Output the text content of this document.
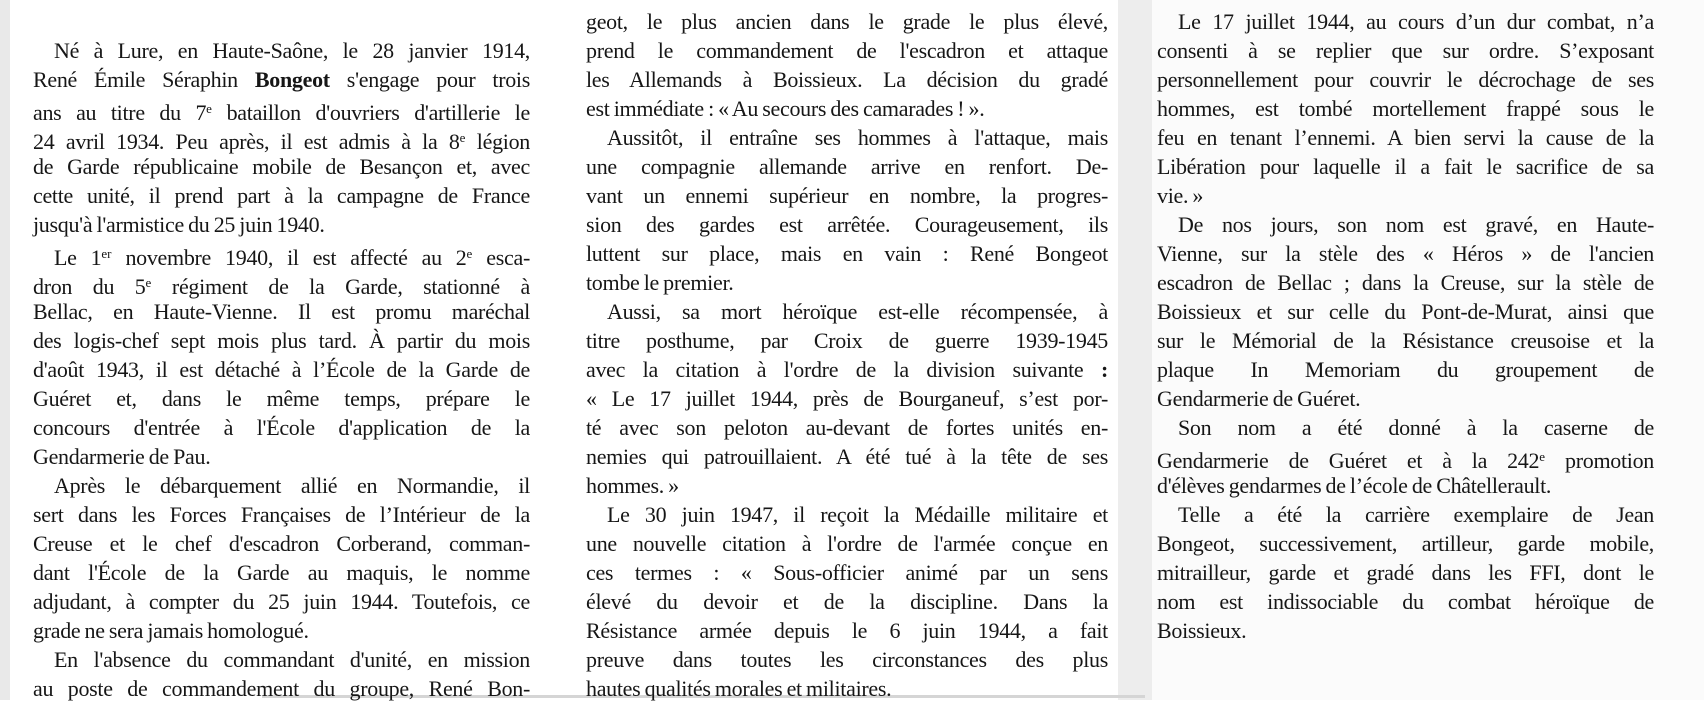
Né à Lure, en Haute-Saône, le 28 janvier 1914,
René Émile Séraphin Bongeot s'engage pour trois
ans au titre du 7e bataillon d'ouvriers d'artillerie le
24 avril 1934. Peu après, il est admis à la 8e légion
de Garde républicaine mobile de Besançon et, avec
cette unité, il prend part à la campagne de France
jusqu'à l'armistice du 25 juin 1940.
Le 1er novembre 1940, il est affecté au 2e esca-
dron du 5e régiment de la Garde, stationné à
Bellac, en Haute-Vienne. Il est promu maréchal
des logis-chef sept mois plus tard. À partir du mois
d'août 1943, il est détaché à l’École de la Garde de
Guéret et, dans le même temps, prépare le
concours d'entrée à l'École d'application de la
Gendarmerie de Pau.
Après le débarquement allié en Normandie, il
sert dans les Forces Françaises de l’Intérieur de la
Creuse et le chef d'escadron Corberand, comman-
dant l'École de la Garde au maquis, le nomme
adjudant, à compter du 25 juin 1944. Toutefois, ce
grade ne sera jamais homologué.
En l'absence du commandant d'unité, en mission
au poste de commandement du groupe, René Bon-
geot, le plus ancien dans le grade le plus élevé,
prend le commandement de l'escadron et attaque
les Allemands à Boissieux. La décision du gradé
est immédiate : « Au secours des camarades ! ».
Aussitôt, il entraîne ses hommes à l'attaque, mais
une compagnie allemande arrive en renfort. De-
vant un ennemi supérieur en nombre, la progres-
sion des gardes est arrêtée. Courageusement, ils
luttent sur place, mais en vain : René Bongeot
tombe le premier.
Aussi, sa mort héroïque est-elle récompensée, à
titre posthume, par Croix de guerre 1939-1945
avec la citation à l'ordre de la division suivante :
« Le 17 juillet 1944, près de Bourganeuf, s’est por-
té avec son peloton au-devant de fortes unités en-
nemies qui patrouillaient. A été tué à la tête de ses
hommes. »
Le 30 juin 1947, il reçoit la Médaille militaire et
une nouvelle citation à l'ordre de l'armée conçue en
ces termes : « Sous-officier animé par un sens
élevé du devoir et de la discipline. Dans la
Résistance armée depuis le 6 juin 1944, a fait
preuve dans toutes les circonstances des plus
hautes qualités morales et militaires.
Le 17 juillet 1944, au cours d’un dur combat, n’a
consenti à se replier que sur ordre. S’exposant
personnellement pour couvrir le décrochage de ses
hommes, est tombé mortellement frappé sous le
feu en tenant l’ennemi. A bien servi la cause de la
Libération pour laquelle il a fait le sacrifice de sa
vie. »
De nos jours, son nom est gravé, en Haute-
Vienne, sur la stèle des « Héros » de l'ancien
escadron de Bellac ; dans la Creuse, sur la stèle de
Boissieux et sur celle du Pont-de-Murat, ainsi que
sur le Mémorial de la Résistance creusoise et la
plaque In Memoriam du groupement de
Gendarmerie de Guéret.
Son nom a été donné à la caserne de
Gendarmerie de Guéret et à la 242e promotion
d'élèves gendarmes de l’école de Châtellerault.
Telle a été la carrière exemplaire de Jean
Bongeot, successivement, artilleur, garde mobile,
mitrailleur, garde et gradé dans les FFI, dont le
nom est indissociable du combat héroïque de
Boissieux.
